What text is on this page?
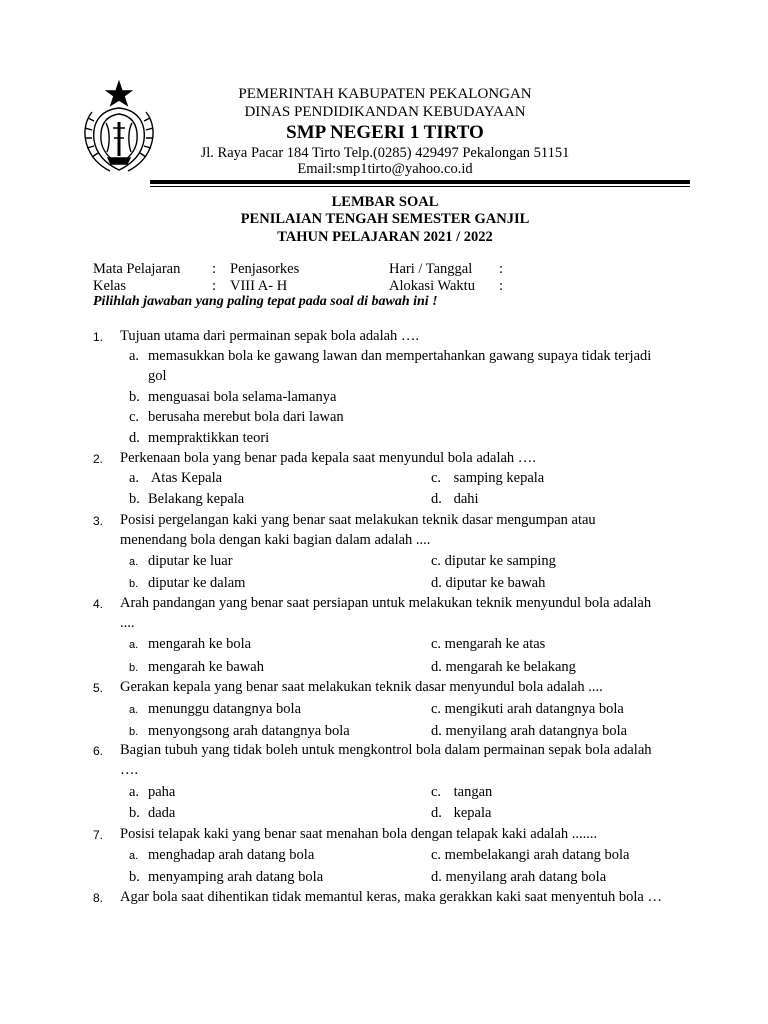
PEMERINTAH KABUPATEN PEKALONGAN
DINAS PENDIDIKANDAN KEBUDAYAAN
SMP NEGERI 1 TIRTO
Jl. Raya Pacar 184 Tirto Telp.(0285) 429497 Pekalongan 51151
Email:smp1tirto@yahoo.co.id
LEMBAR SOAL
PENILAIAN TENGAH SEMESTER GANJIL
TAHUN PELAJARAN 2021 / 2022
Mata Pelajaran : Penjasorkes	Hari / Tanggal :
Kelas	: VIII A- H	Alokasi Waktu :
Pilihlah jawaban yang paling tepat pada soal di bawah ini !
1. Tujuan utama dari permainan sepak bola adalah ….
a. memasukkan bola ke gawang lawan dan mempertahankan gawang supaya tidak terjadi gol
b. menguasai bola selama-lamanya
c. berusaha merebut bola dari lawan
d. mempraktikkan teori
2. Perkenaan bola yang benar pada kepala saat menyundul bola adalah ….
a. Atas Kepala
b. Belakang kepala
c. samping kepala
d. dahi
3. Posisi pergelangan kaki yang benar saat melakukan teknik dasar mengumpan atau menendang bola dengan kaki bagian dalam adalah ....
a. diputar ke luar
b. diputar ke dalam
c. diputar ke samping
d. diputar ke bawah
4. Arah pandangan yang benar saat persiapan untuk melakukan teknik menyundul bola adalah ....
a. mengarah ke bola
b. mengarah ke bawah
c. mengarah ke atas
d. mengarah ke belakang
5. Gerakan kepala yang benar saat melakukan teknik dasar menyundul bola adalah ....
a. menunggu datangnya bola
b. menyongsong arah datangnya bola
c. mengikuti arah datangnya bola
d. menyilang arah datangnya bola
6. Bagian tubuh yang tidak boleh untuk mengkontrol bola dalam permainan sepak bola adalah ….
a. paha
b. dada
c. tangan
d. kepala
7. Posisi telapak kaki yang benar saat menahan bola dengan telapak kaki adalah .......
a. menghadap arah datang bola
b. menyamping arah datang bola
c. membelakangi arah datang bola
d. menyilang arah datang bola
8. Agar bola saat dihentikan tidak memantul keras, maka gerakkan kaki saat menyentuh bola …
